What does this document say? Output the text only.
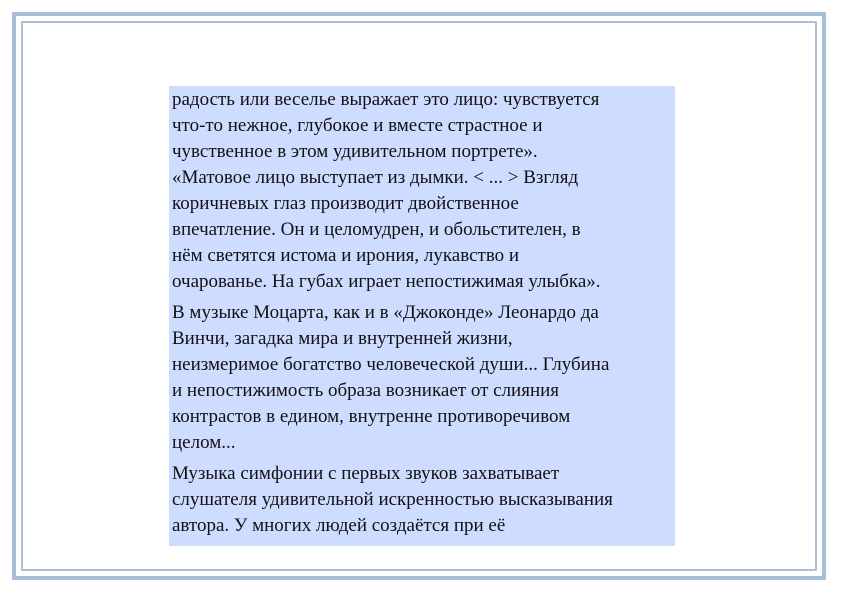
радость или веселье выражает это лицо: чувствуется
что-то нежное, глубокое и вместе страстное и
чувственное в этом удивительном портрете».
«Матовое лицо выступает из дымки. < ... > Взгляд
коричневых глаз производит двойственное
впечатление. Он и целомудрен, и обольстителен, в
нём светятся истома и ирония, лукавство и
очарованье. На губах играет непостижимая улыбка».

В музыке Моцарта, как и в «Джоконде» Леонардо да
Винчи, загадка мира и внутренней жизни,
неизмеримое богатство человеческой души... Глубина
и непостижимость образа возникает от слияния
контрастов в едином, внутренне противоречивом
целом...

Музыка симфонии с первых звуков захватывает
слушателя удивительной искренностью высказывания
автора. У многих людей создаётся при её
